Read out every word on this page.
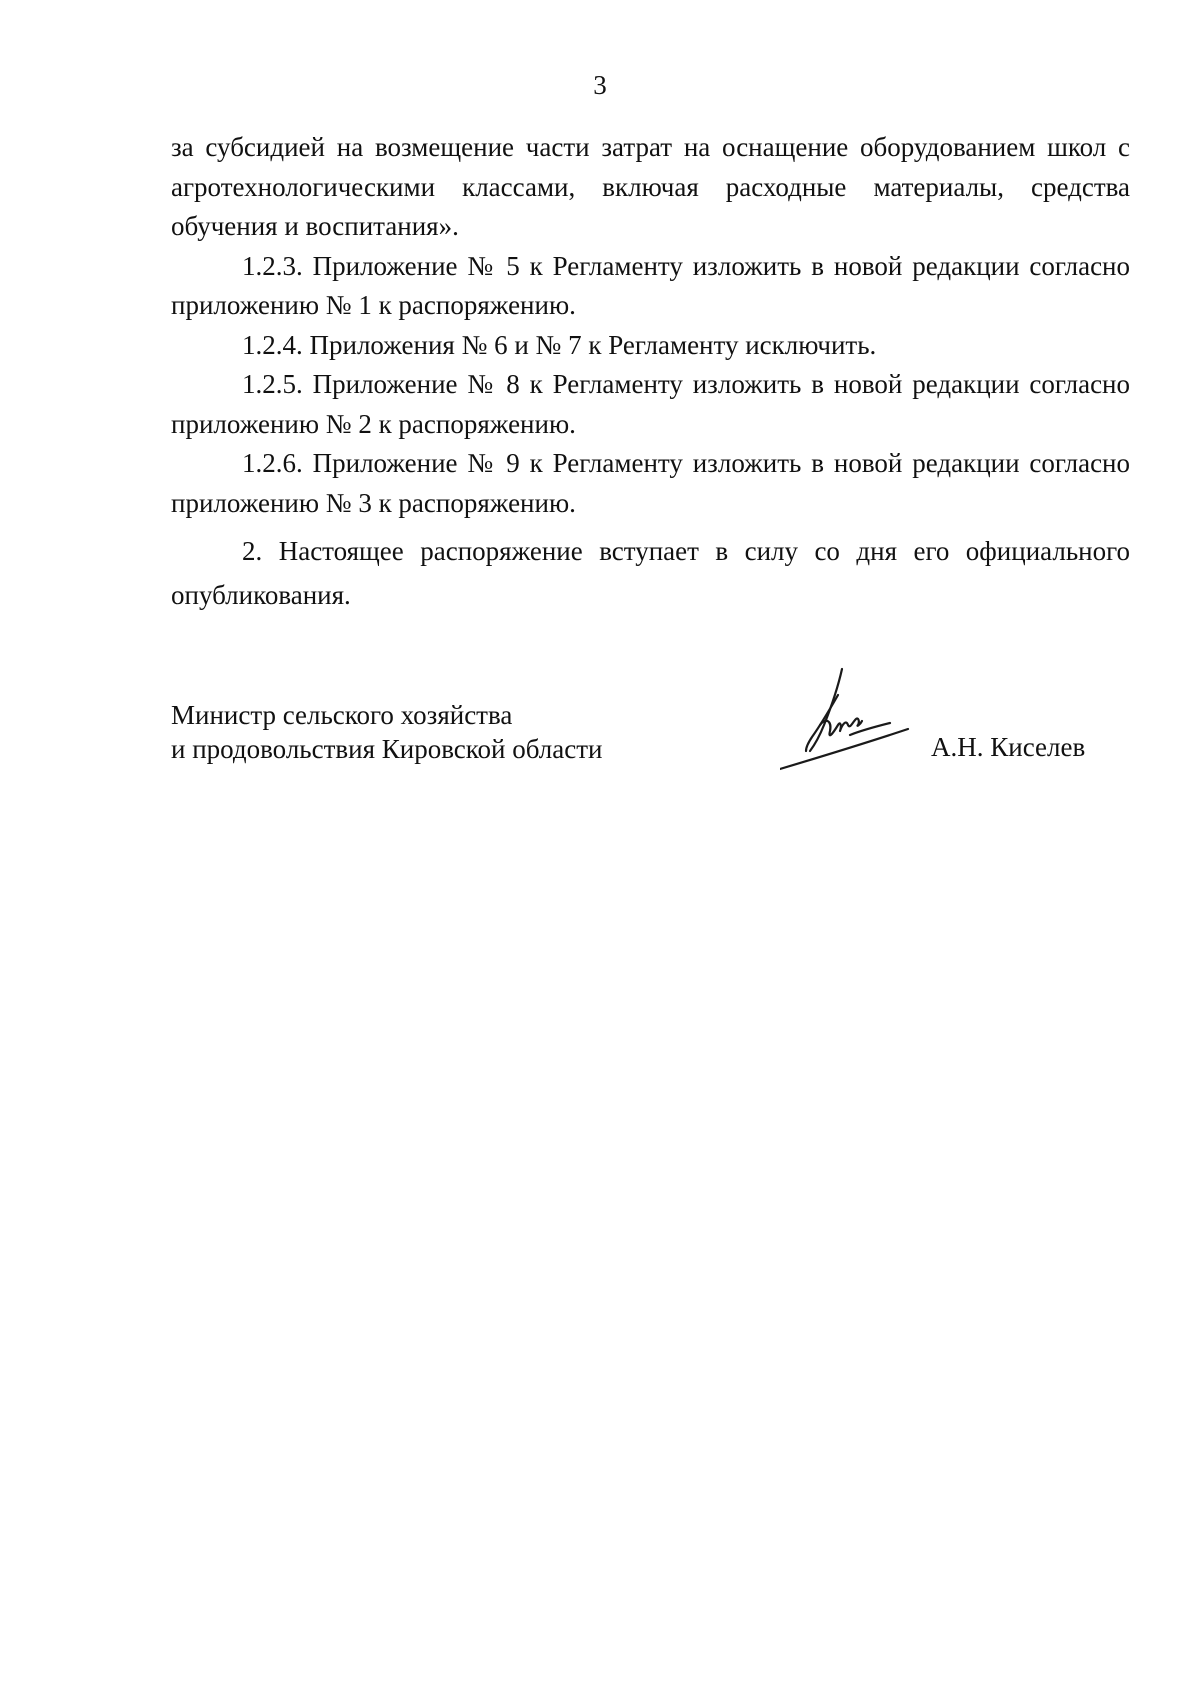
3

за субсидией на возмещение части затрат на оснащение оборудованием школ с агротехнологическими классами, включая расходные материалы, средства обучения и воспитания».

1.2.3. Приложение № 5 к Регламенту изложить в новой редакции согласно приложению № 1 к распоряжению.

1.2.4. Приложения № 6 и № 7 к Регламенту исключить.

1.2.5. Приложение № 8 к Регламенту изложить в новой редакции согласно приложению № 2 к распоряжению.

1.2.6. Приложение № 9 к Регламенту изложить в новой редакции согласно приложению № 3 к распоряжению.

2. Настоящее распоряжение вступает в силу со дня его официального опубликования.

Министр сельского хозяйства
и продовольствия Кировской области	А.Н. Киселев
